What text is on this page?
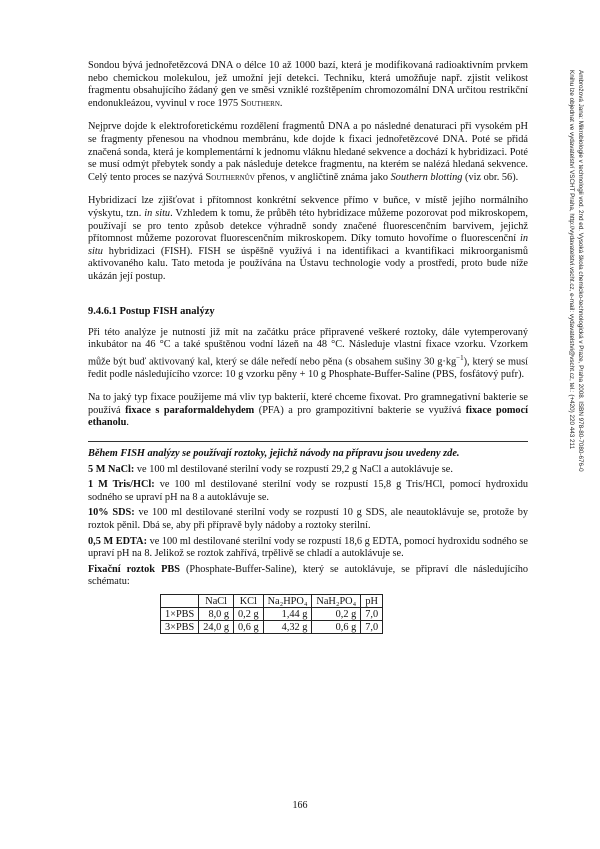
Sondou bývá jednořetězcová DNA o délce 10 až 1000 bazí, která je modifikovaná radioaktivním prvkem nebo chemickou molekulou, jež umožní její detekci. Techniku, která umožňuje např. zjistit velikost fragmentu obsahujícího žádaný gen ve směsi vzniklé rozštěpením chromozomální DNA určitou restrikční endonukleázou, vyvinul v roce 1975 Southern.

Nejprve dojde k elektroforetickému rozdělení fragmentů DNA a po následné denaturaci při vysokém pH se fragmenty přenesou na vhodnou membránu, kde dojde k fixaci jednořetězcové DNA. Poté se přidá značená sonda, která je komplementární k jednomu vláknu hledané sekvence a dochází k hybridizaci. Poté se musí odmýt přebytek sondy a pak následuje detekce fragmentu, na kterém se nalézá hledaná sekvence. Celý tento proces se nazývá Southernův přenos, v angličtině známa jako Southern blotting (viz obr. 56).

Hybridizací lze zjišťovat i přítomnost konkrétní sekvence přímo v buňce, v místě jejího normálního výskytu, tzn. in situ. Vzhledem k tomu, že průběh této hybridizace můžeme pozorovat pod mikroskopem, používají se pro tento způsob detekce výhradně sondy značené fluorescenčním barvivem, jejichž přítomnost můžeme pozorovat fluorescenčním mikroskopem. Díky tomuto hovoříme o fluorescenční in situ hybridizaci (FISH). FISH se úspěšně využívá i na identifikaci a kvantifikaci mikroorganismů aktivovaného kalu. Tato metoda je používána na Ústavu technologie vody a prostředí, proto bude níže ukázán její postup.

9.4.6.1 Postup FISH analýzy

Při této analýze je nutností již mít na začátku práce připravené veškeré roztoky, dále vytemperovaný inkubátor na 46 °C a také spuštěnou vodní lázeň na 48 °C. Následuje vlastní fixace vzorku. Vzorkem může být buď aktivovaný kal, který se dále neředí nebo pěna (s obsahem sušiny 30 $g\cdot kg^{-1}$), který se musí ředit podle následujícího vzorce: 10 g vzorku pěny + 10 g Phosphate-Buffer-Saline (PBS, fosfátový pufr).

Na to jaký typ fixace použijeme má vliv typ bakterií, které chceme fixovat. Pro gramnegativní bakterie se používá fixace s paraformaldehydem (PFA) a pro grampozitivní bakterie se využívá fixace pomocí ethanolu.

Během FISH analýzy se používají roztoky, jejichž návody na přípravu jsou uvedeny zde.

5 M NaCl: ve 100 ml destilované sterilní vody se rozpustí 29,2 g NaCl a autoklávuje se.

1 M Tris/HCl: ve 100 ml destilované sterilní vody se rozpustí 15,8 g Tris/HCl, pomocí hydroxidu sodného se upraví pH na 8 a autoklávuje se.

10% SDS: ve 100 ml destilované sterilní vody se rozpustí 10 g SDS, ale neautoklávuje se, protože by roztok pěnil. Dbá se, aby při přípravě byly nádoby a roztoky sterilní.

0,5 M EDTA: ve 100 ml destilované sterilní vody se rozpustí 18,6 g EDTA, pomocí hydroxidu sodného se upraví pH na 8. Jelikož se roztok zahřívá, trpělivě se chladí a autoklávuje se.

Fixační roztok PBS (Phosphate-Buffer-Saline), který se autoklávuje, se připraví dle následujícího schématu:

	NaCl	KCl	Na₂HPO₄	NaH₂PO₄	pH
1×PBS	8,0 g	0,2 g	1,44 g	0,2 g	7,0
3×PBS	24,0 g	0,6 g	4,32 g	0,6 g	7,0
166
Ambrožová Jana: Mikrobiologie v technologii vod. 2nd ed. Vysoká škola chemicko-technologická v Praze, Praha 2008. ISBN 978-80-7080-676-0
Knihu lze objednat ve vydavatelství VŠCHT Praha, http://vydavatelstvi.vscht.cz, e-mail: vydavatelstvi@vscht.cz, tel.: (+420) 220 443 211
